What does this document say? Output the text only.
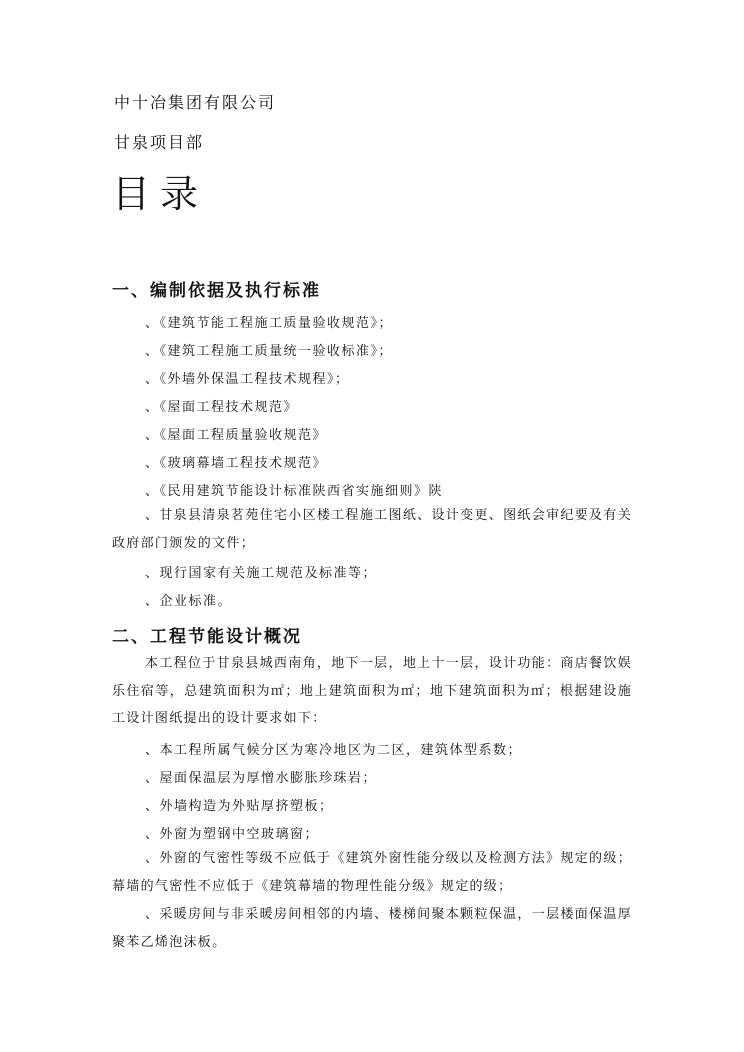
中十冶集团有限公司
甘泉项目部
目录
一、编制依据及执行标准
、《建筑节能工程施工质量验收规范》；
、《建筑工程施工质量统一验收标准》；
、《外墙外保温工程技术规程》；
、《屋面工程技术规范》
、《屋面工程质量验收规范》
、《玻璃幕墙工程技术规范》
、《民用建筑节能设计标准陕西省实施细则》陕
、甘泉县清泉茗苑住宅小区楼工程施工图纸、设计变更、图纸会审纪要及有关政府部门颁发的文件；
、现行国家有关施工规范及标准等；
、企业标准。
二、工程节能设计概况
本工程位于甘泉县城西南角，地下一层，地上十一层，设计功能：商店餐饮娱乐住宿等，总建筑面积为㎡；地上建筑面积为㎡；地下建筑面积为㎡；根据建设施工设计图纸提出的设计要求如下：
、本工程所属气候分区为寒冷地区为二区，建筑体型系数；
、屋面保温层为厚憎水膨胀珍珠岩；
、外墙构造为外贴厚挤塑板；
、外窗为塑钢中空玻璃窗；
、外窗的气密性等级不应低于《建筑外窗性能分级以及检测方法》规定的级；幕墙的气密性不应低于《建筑幕墙的物理性能分级》规定的级；
、采暖房间与非采暖房间相邻的内墙、楼梯间聚本颗粒保温，一层楼面保温厚聚苯乙烯泡沫板。
